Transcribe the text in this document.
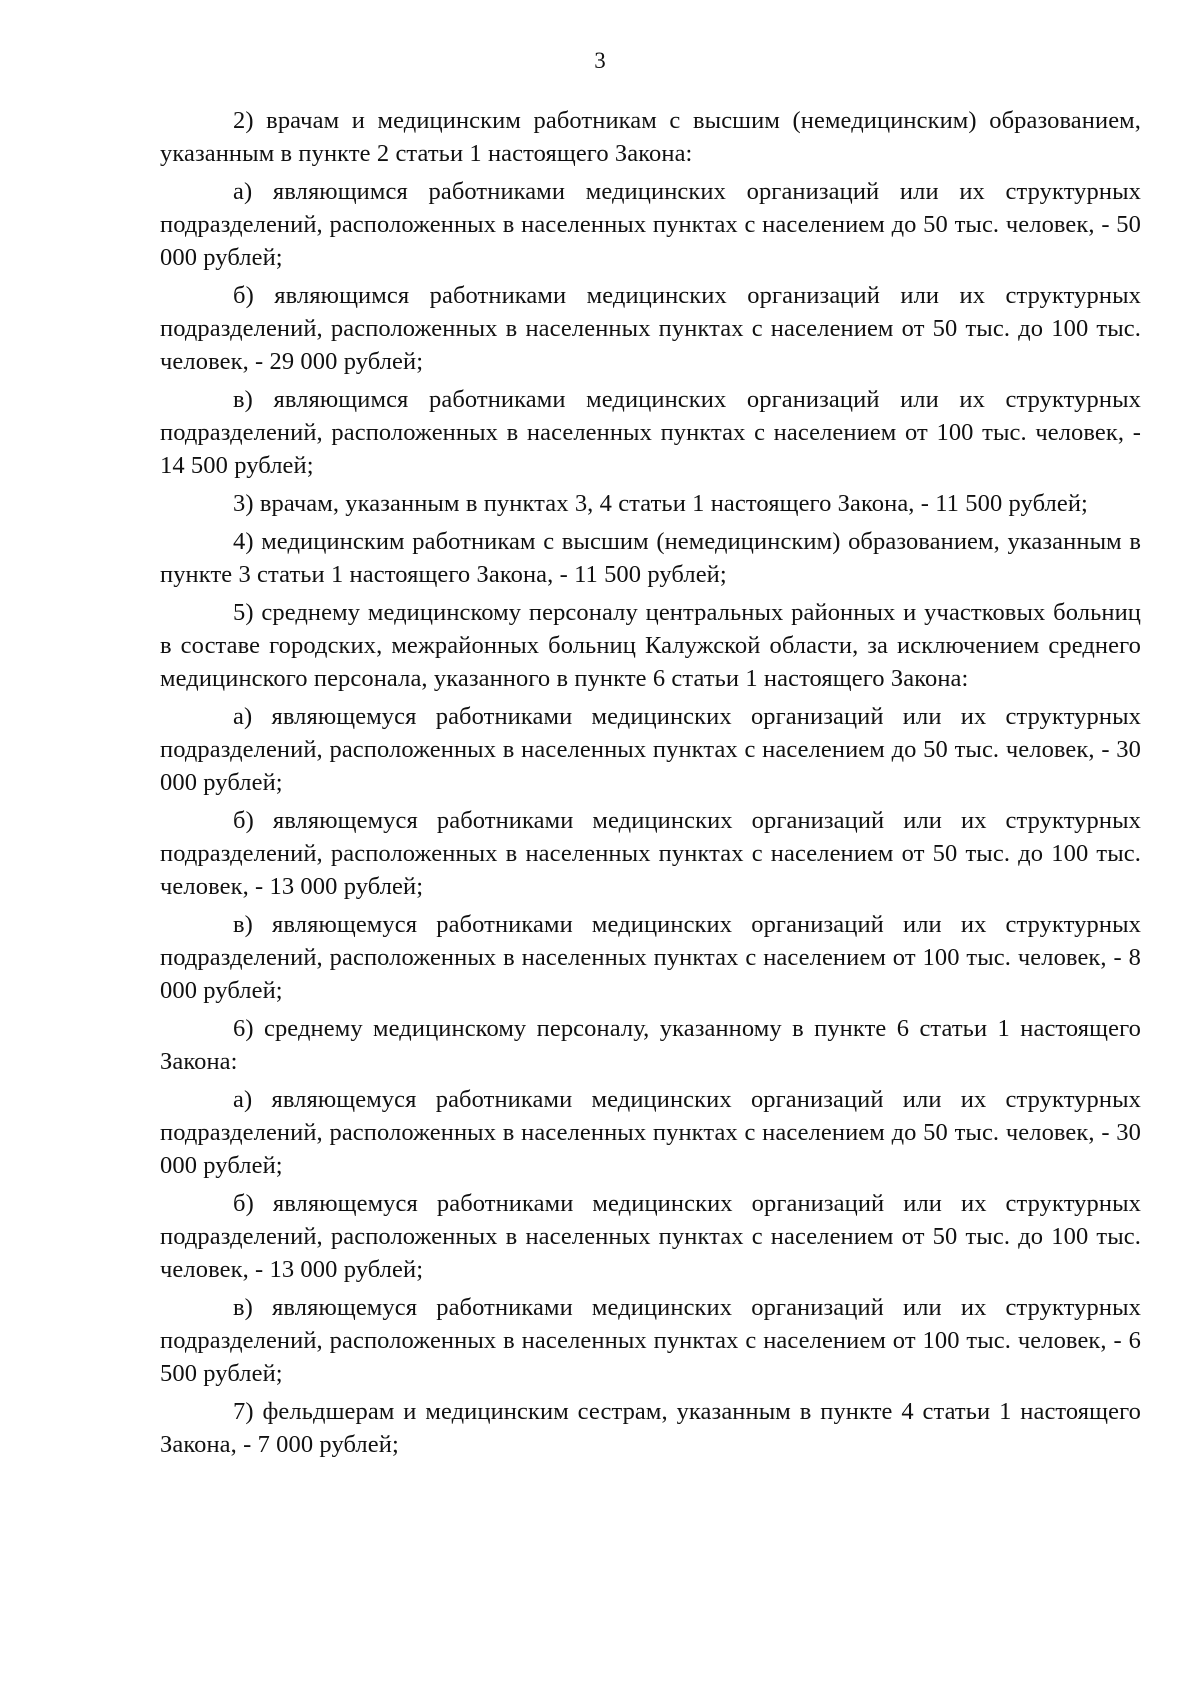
3

2) врачам и медицинским работникам с высшим (немедицинским) образованием, указанным в пункте 2 статьи 1 настоящего Закона:

а) являющимся работниками медицинских организаций или их структурных подразделений, расположенных в населенных пунктах с населением до 50 тыс. человек, - 50 000 рублей;

б) являющимся работниками медицинских организаций или их структурных подразделений, расположенных в населенных пунктах с населением от 50 тыс. до 100 тыс. человек, - 29 000 рублей;

в) являющимся работниками медицинских организаций или их структурных подразделений, расположенных в населенных пунктах с населением от 100 тыс. человек, - 14 500 рублей;

3) врачам, указанным в пунктах 3, 4 статьи 1 настоящего Закона, - 11 500 рублей;

4) медицинским работникам с высшим (немедицинским) образованием, указанным в пункте 3 статьи 1 настоящего Закона, - 11 500 рублей;

5) среднему медицинскому персоналу центральных районных и участковых больниц в составе городских, межрайонных больниц Калужской области, за исключением среднего медицинского персонала, указанного в пункте 6 статьи 1 настоящего Закона:

а) являющемуся работниками медицинских организаций или их структурных подразделений, расположенных в населенных пунктах с населением до 50 тыс. человек, - 30 000 рублей;

б) являющемуся работниками медицинских организаций или их структурных подразделений, расположенных в населенных пунктах с населением от 50 тыс. до 100 тыс. человек, - 13 000 рублей;

в) являющемуся работниками медицинских организаций или их структурных подразделений, расположенных в населенных пунктах с населением от 100 тыс. человек, - 8 000 рублей;

6) среднему медицинскому персоналу, указанному в пункте 6 статьи 1 настоящего Закона:

а) являющемуся работниками медицинских организаций или их структурных подразделений, расположенных в населенных пунктах с населением до 50 тыс. человек, - 30 000 рублей;

б) являющемуся работниками медицинских организаций или их структурных подразделений, расположенных в населенных пунктах с населением от 50 тыс. до 100 тыс. человек, - 13 000 рублей;

в) являющемуся работниками медицинских организаций или их структурных подразделений, расположенных в населенных пунктах с населением от 100 тыс. человек, - 6 500 рублей;

7) фельдшерам и медицинским сестрам, указанным в пункте 4 статьи 1 настоящего Закона, - 7 000 рублей;
